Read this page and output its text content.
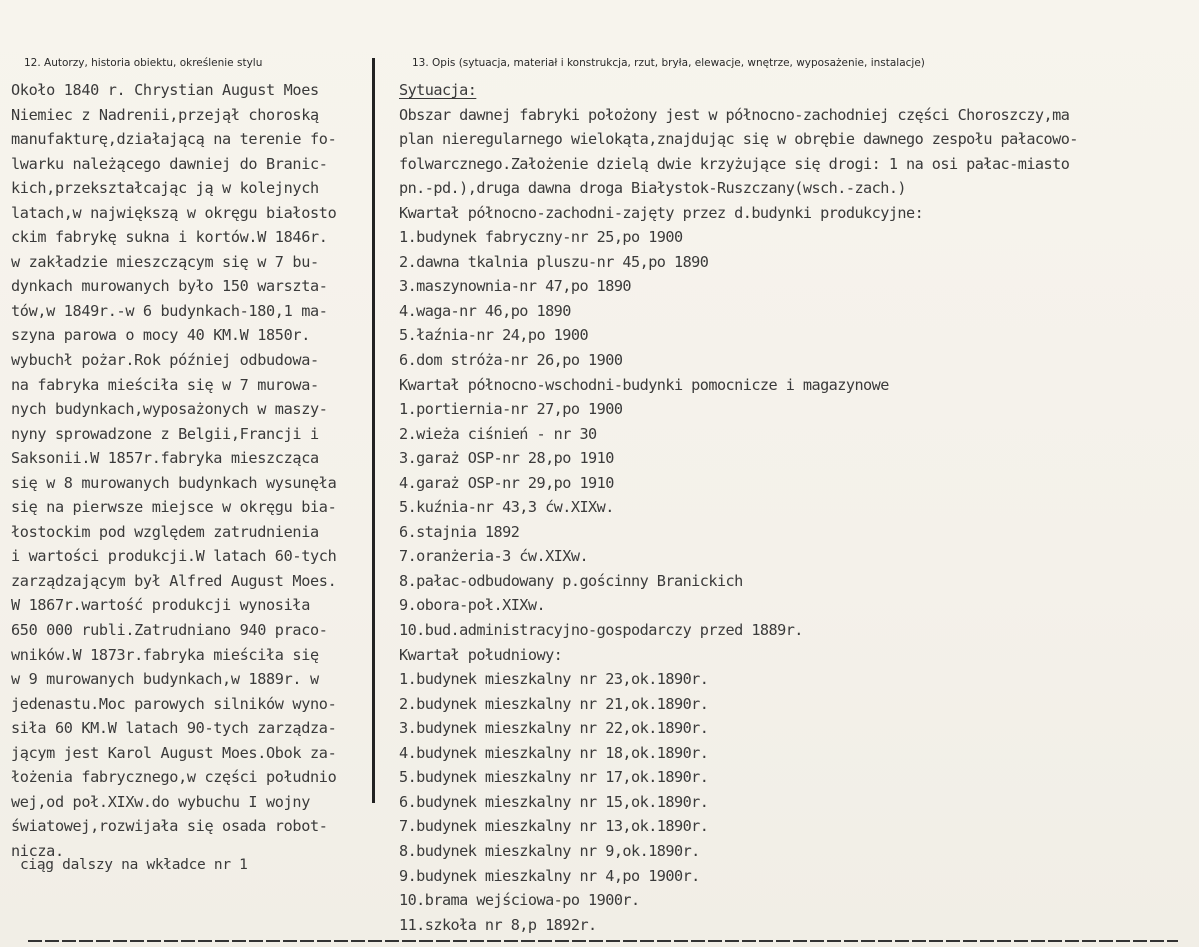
12. Autorzy, historia obiektu, określenie stylu	13. Opis (sytuacja, materiał i konstrukcja, rzut, bryła, elewacje, wnętrze, wyposażenie, instalacje)
Około 1840 r. Chrystian August Moes
Niemiec z Nadrenii,przejął choroską
manufakturę,działającą na terenie fo-
lwarku należącego dawniej do Branic-
kich,przekształcając ją w kolejnych
latach,w największą w okręgu białosto
ckim fabrykę sukna i kortów.W 1846r.
w zakładzie mieszczącym się w 7 bu-
dynkach murowanych było 150 warszta-
tów,w 1849r.-w 6 budynkach-180,1 ma-
szyna parowa o mocy 40 KM.W 1850r.
wybuchł pożar.Rok później odbudowa-
na fabryka mieściła się w 7 murowa-
nych budynkach,wyposażonych w maszy-
nyny sprowadzone z Belgii,Francji i
Saksonii.W 1857r.fabryka mieszcząca
się w 8 murowanych budynkach wysunęła
się na pierwsze miejsce w okręgu bia-
łostockim pod względem zatrudnienia
i wartości produkcji.W latach 60-tych
zarządzającym był Alfred August Moes.
W 1867r.wartość produkcji wynosiła
650 000 rubli.Zatrudniano 940 praco-
wników.W 1873r.fabryka mieściła się
w 9 murowanych budynkach,w 1889r. w
jedenastu.Moc parowych silników wyno-
siła 60 KM.W latach 90-tych zarządza-
jącym jest Karol August Moes.Obok za-
łożenia fabrycznego,w części południo
wej,od poł.XIXw.do wybuchu I wojny
światowej,rozwijała się osada robot-
nicza.
ciąg dalszy na wkładce nr 1
Sytuacja:
Obszar dawnej fabryki położony jest w północno-zachodniej części Choroszczy,ma
plan nieregularnego wielokąta,znajdując się w obrębie dawnego zespołu pałacowo-
folwarcznego.Założenie dzielą dwie krzyżujące się drogi: 1 na osi pałac-miasto
pn.-pd.),druga dawna droga Białystok-Ruszczany(wsch.-zach.)
Kwartał północno-zachodni-zajęty przez d.budynki produkcyjne:
1.budynek fabryczny-nr 25,po 1900
2.dawna tkalnia pluszu-nr 45,po 1890
3.maszynownia-nr 47,po 1890
4.waga-nr 46,po 1890
5.łaźnia-nr 24,po 1900
6.dom stróża-nr 26,po 1900
Kwartał północno-wschodni-budynki pomocnicze i magazynowe
1.portiernia-nr 27,po 1900
2.wieża ciśnień - nr 30
3.garaż OSP-nr 28,po 1910
4.garaż OSP-nr 29,po 1910
5.kuźnia-nr 43,3 ćw.XIXw.
6.stajnia 1892
7.oranżeria-3 ćw.XIXw.
8.pałac-odbudowany p.gościnny Branickich
9.obora-poł.XIXw.
10.bud.administracyjno-gospodarczy przed 1889r.
Kwartał południowy:
1.budynek mieszkalny nr 23,ok.1890r.
2.budynek mieszkalny nr 21,ok.1890r.
3.budynek mieszkalny nr 22,ok.1890r.
4.budynek mieszkalny nr 18,ok.1890r.
5.budynek mieszkalny nr 17,ok.1890r.
6.budynek mieszkalny nr 15,ok.1890r.
7.budynek mieszkalny nr 13,ok.1890r.
8.budynek mieszkalny nr 9,ok.1890r.
9.budynek mieszkalny nr 4,po 1900r.
10.brama wejściowa-po 1900r.
11.szkoła nr 8,p 1892r.
